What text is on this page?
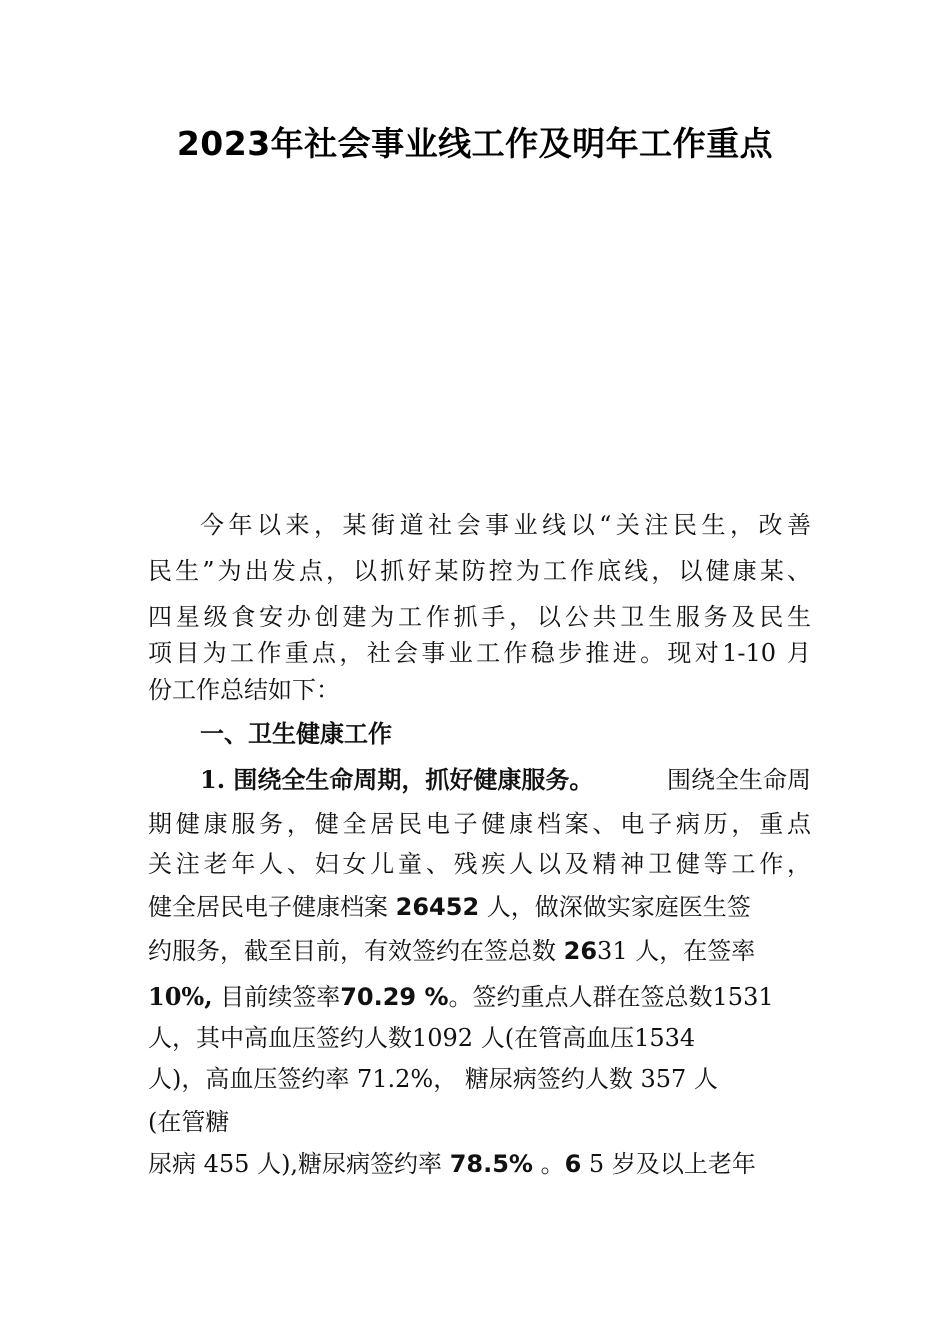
2023年社会事业线工作及明年工作重点
今年以来，某街道社会事业线以“关注民生，改善
民生”为出发点，以抓好某防控为工作底线，以健康某、
四星级食安办创建为工作抓手，以公共卫生服务及民生
项目为工作重点，社会事业工作稳步推进。现对1-10 月
份工作总结如下：
一、卫生健康工作
1. 围绕全生命周期，抓好健康服务。	围绕全生命周
期健康服务，健全居民电子健康档案、电子病历，重点
关注老年人、妇女儿童、残疾人以及精神卫健等工作，
健全居民电子健康档案 26452 人，做深做实家庭医生签
约服务，截至目前，有效签约在签总数 2631 人，在签率
10%, 目前续签率70.29 %。签约重点人群在签总数1531
人，其中高血压签约人数1092 人(在管高血压1534
人)，高血压签约率 71.2%， 糖尿病签约人数 357 人
(在管糖
尿病 455 人),糖尿病签约率 78.5% 。6 5 岁及以上老年
